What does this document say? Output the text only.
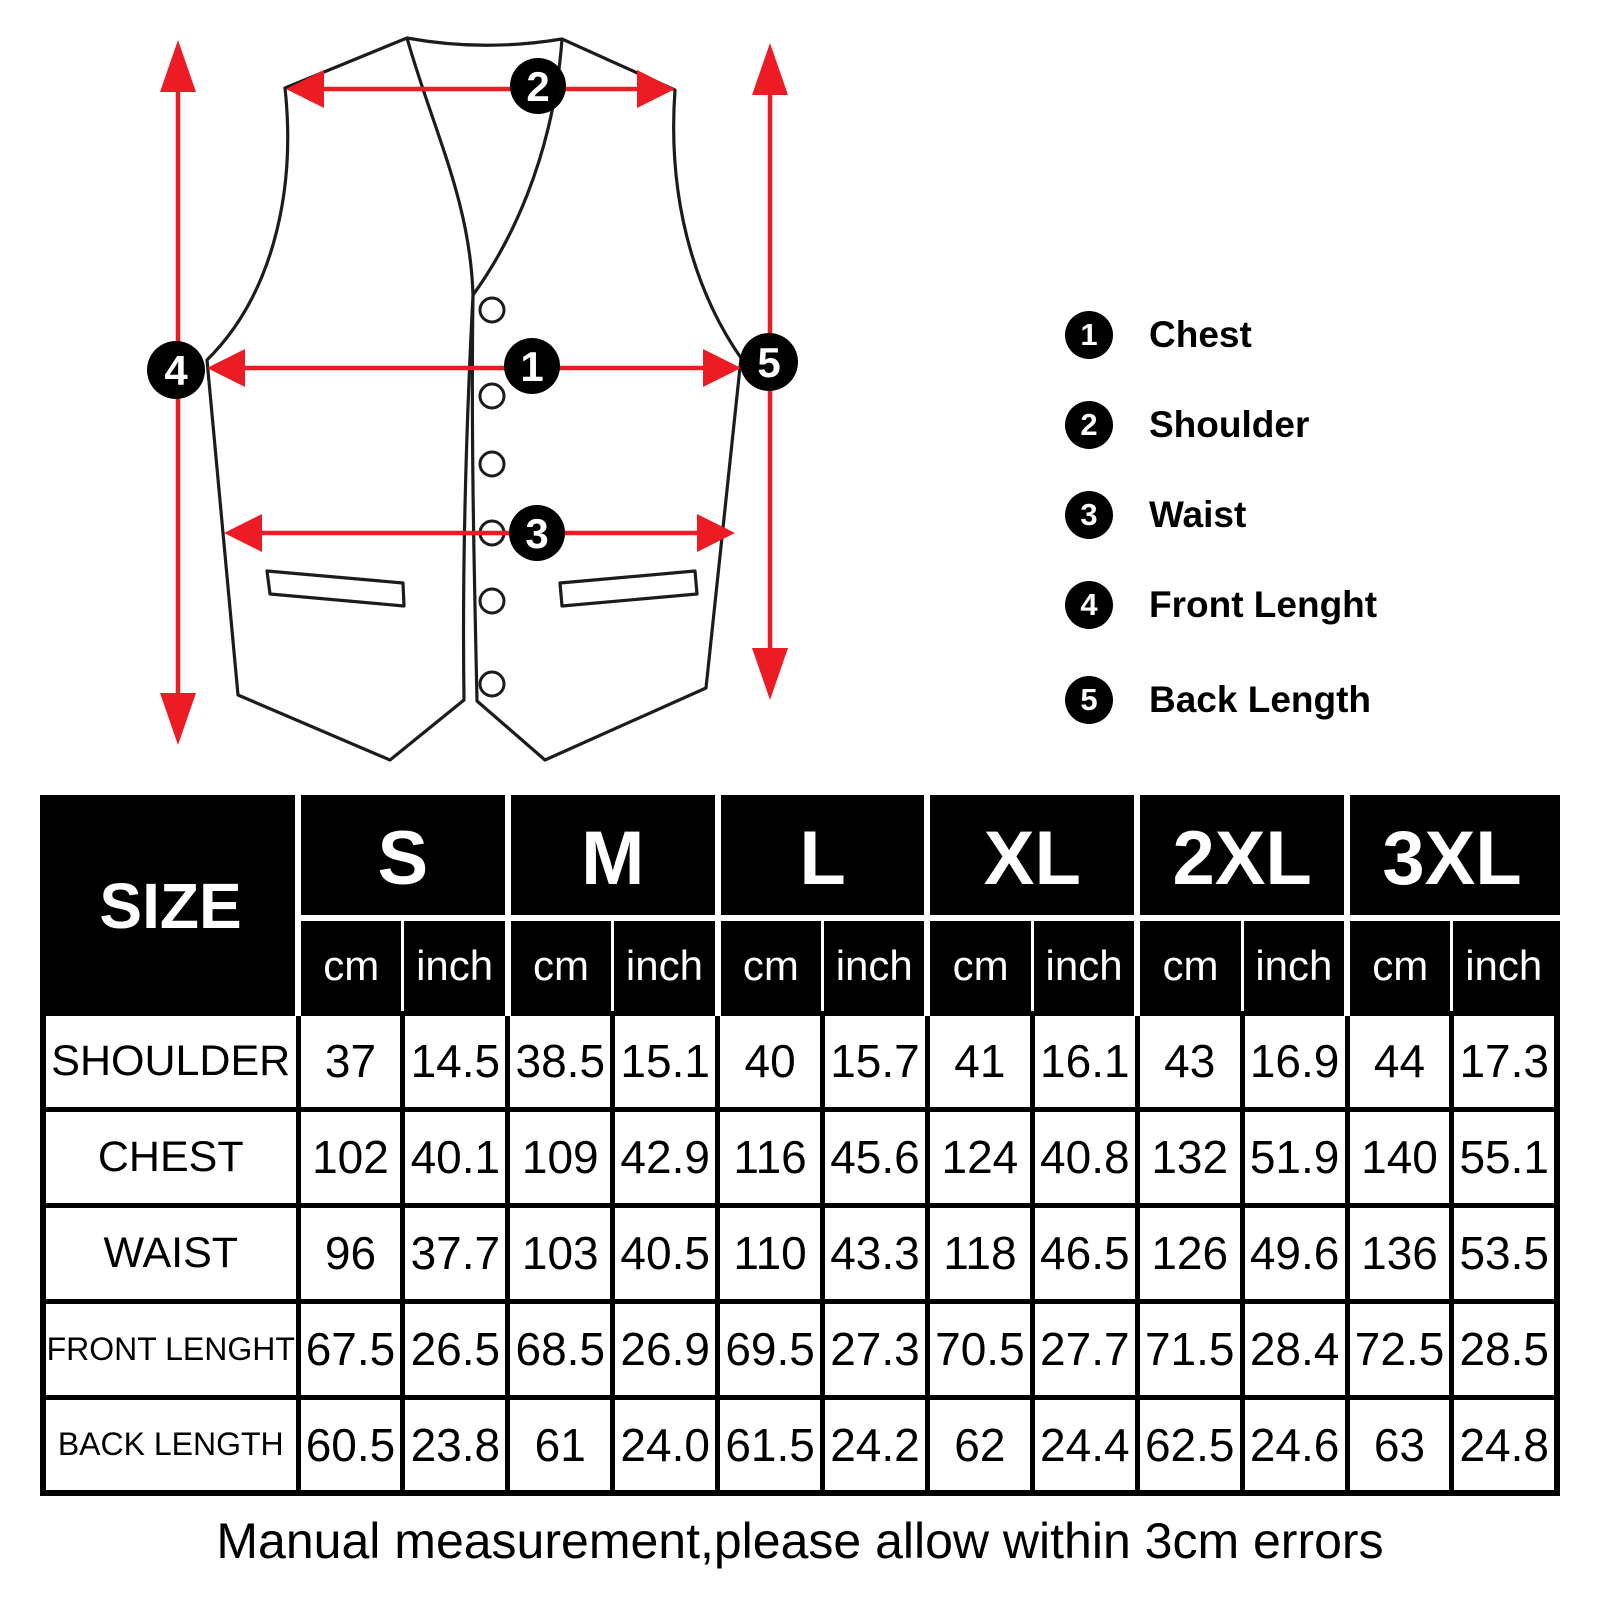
1
2
3
4	5
1	Chest
2	Shoulder
3	Waist
4	Front Lenght
5	Back Length
SIZE	S		M		L		XL		2XL		3XL	
	cm	inch	cm	inch	cm	inch	cm	inch	cm	inch	cm	inch
SHOULDER	37	14.5	38.5	15.1	40	15.7	41	16.1	43	16.9	44	17.3
CHEST	102	40.1	109	42.9	116	45.6	124	40.8	132	51.9	140	55.1
WAIST	96	37.7	103	40.5	110	43.3	118	46.5	126	49.6	136	53.5
FRONT LENGHT	67.5	26.5	68.5	26.9	69.5	27.3	70.5	27.7	71.5	28.4	72.5	28.5
BACK LENGTH	60.5	23.8	61	24.0	61.5	24.2	62	24.4	62.5	24.6	63	24.8
Manual measurement,please allow within 3cm errors
